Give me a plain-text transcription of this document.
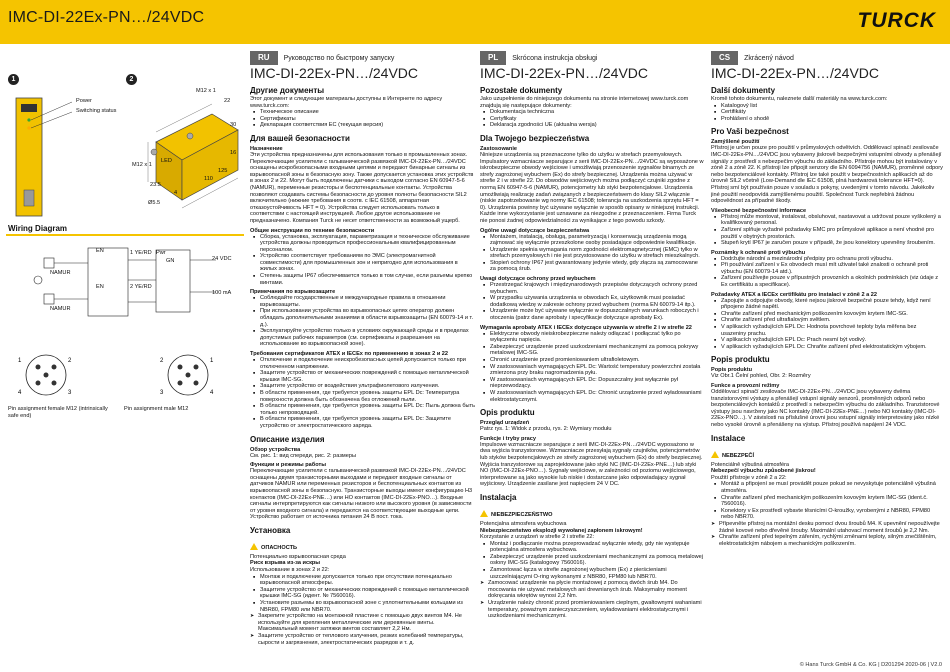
IMC-DI-22Ex-PN…/24VDC	TURCK
1	2
Power
Switching status
LED
M12 x 1
M12 x 1
22
125
110
30
16
4
Ø5.5
23.5
Wiring Diagram
EN
NAMUR
EN
NAMUR
1 YE/RD
2 YE/RD
GN
Pwr
24 VDC
100 mA
1	2
4	3
2	1
3	4
Pin assignment female M12 (intrinsically safe end)
Pin assignment male M12
RU Руководство по быстрому запуску
IMC-DI-22Ex-PN…/24VDC
Другие документы

Этот документ и следующие материалы доступны в Интернете по адресу www.turck.com:

■ Техническое описание
■ Сертификаты
■ Декларация соответствия ЕС (текущая версия)
Для вашей безопасности
Назначение

Эти устройства предназначены для использования только в промышленных зонах. Переключающие усилители с гальванической развязкой IMC-DI-22Ex-PN…/24VDC оснащены искробезопасными входными цепями и передают бинарные сигналы из взрывоопасной зоны в безопасную зону. Также допускается установка этих устройств в зонах 2 и 22. Могут быть подключены датчики с выходом согласно EN 60947-5-6 (NAMUR), переменные резисторы и беспотенциальные контакты. Устройства позволяют создавать системы безопасности до уровня полноты безопасности SIL2 включительно (нижние требования в соотв. с IEC 61508, аппаратная отказоустойчивость HFT = 0). Устройства следует использовать только в соответствии с настоящей инструкцией. Любое другое использование не предназначено. Компания Turck не несет ответственности за возможный ущерб.

Общие инструкции по технике безопасности
■ Сборка, установка, эксплуатация, параметризация и техническое обслуживание устройства должны проводиться профессиональным квалифицированным персоналом.
■ Устройство соответствует требованиям по ЭМС (электромагнитной совместимости) для промышленных зон и непригодно для использования в жилых зонах.
■ Степень защиты IP67 обеспечивается только в том случае, если разъемы крепко винтами.
Примечания по взрывозащите
■ Соблюдайте государственные и международные правила в отношении взрывозащиты.
■ При использовании устройства во взрывоопасных цепях оператор должен обладать дополнительными знаниями в области взрывозащиты (EN 60079-14 и т. д.).
■ Эксплуатируйте устройство только в условиях окружающей среды и в пределах допустимых рабочих параметров (см. сертификаты и разрешения на использование во взрывоопасной зоне).
Требования сертификатов ATEX и IECEx по применению в зонах 2 и 22
■ Отключение и подключение неискробезопасных цепей допускается только при отключенном напряжении.
■ Защитите устройство от механических повреждений с помощью металлической крышки IMC-SG.
■ Защитите устройство от воздействия ультрафиолетового излучения.
■ В области применения, где требуется уровень защиты EPL Dc: Температура поверхности должна быть обозначена без отложений пыли.
■ В области применения, где требуется уровень защиты EPL Dc: Пыль должна быть только непроводящей.
■ В области применения, где требуется уровень защиты EPL Dc: Защитите устройство от электростатического заряда.
Описание изделия
Обзор устройства

См. рис. 1: вид спереди, рис. 2: размеры

Функции и режимы работы

Переключающие усилители с гальванической развязкой IMC-DI-22Ex-PN…/24VDC оснащены двумя транзисторными выходами и передают входные сигналы от датчиков NAMUR или переменных резисторов и беспотенциальных контактов из взрывоопасной зоны в безопасную. Транзисторные выходы имеют конфигурацию H3 контактов (IMC-DI-22Ex-PNE…) или HO контактов (IMC-DI-22Ex-PNO…). Входные сигналы интерпретируются как сигналы низкого или высокого уровня (в зависимости от уровня входного сигнала) и передаются на соответствующие выходные цепи. Устройство работает от источника питания 24 В пост. тока.

Установка
ОПАСНОСТЬ

Потенциально взрывоопасная среда

Риск взрыва из-за искры

Использование в зонах 2 и 22:

■ Монтаж и подключение допускается только при отсутствии потенциально взрывоопасной атмосферы.
■ Защитите устройство от механических повреждений с помощью металлической крышки IMC-SG (идент. № 7560016).
■ Установите разъемы во взрывоопасной зоне с уплотнительными кольцами из NBR80, FPM80 или NBR70.
➤ Закрепите устройство на монтажной пластине с помощью двух винтов M4. Не используйте для крепления металлические или деревянные винты. Максимальный момент затяжки винтов составляет 2,2 Нм.
➤ Защитите устройство от теплового излучения, резких колебаний температуры, сырости и загрязнения, электростатических разрядов и т. д.
PL Skrócona instrukcja obsługi
IMC-DI-22Ex-PN…/24VDC
Pozostałe dokumenty

Jako uzupełnienie do niniejszego dokumentu na stronie internetowej www.turck.com znajdują się następujące dokumenty:

■ Dokumentacja techniczna
■ Certyfikaty
■ Deklaracja zgodności UE (aktualna wersja)
Dla Twojego bezpieczeństwa
Zastosowanie

Niniejsze urządzenia są przeznaczone tylko do użytku w strefach przemysłowych. Impulsatory wzmacniacze separujące z serii IMC-DI-22Ex-PN…/24VDC są wyposażone w iskrobezpieczne obwody wejściowe i umożliwiają przenoszenie sygnałów binarnych ze strefy zagrożonej wybuchem (Ex) do strefy bezpiecznej. Urządzenia można używać w strefie 2 i w strefie 22. Do obwodów wejściowych można podłączyć czujniki zgodne z normą EN 60947-5-6 (NAMUR), potencjometry lub styki bezpotencjałowe. Urządzenia umożliwiają realizację zadań związanych z bezpieczeństwem do klasy SIL2 włącznie (niskie zapotrzebowanie wg normy IEC 61508; tolerancja na uszkodzenia sprzętu HFT = 0). Urządzenia powinny być używane wyłącznie w sposób opisany w niniejszej instrukcji. Każde inne wykorzystanie jest uznawane za niezgodne z przeznaczeniem. Firma Turck nie ponosi żadnej odpowiedzialności za wynikające z tego powodu szkody.

Ogólne uwagi dotyczące bezpieczeństwa
■ Montażem, instalacją, obsługą, parametryzacją i konserwacją urządzenia mogą zajmować się wyłącznie przeszkolone osoby posiadające odpowiednie kwalifikacje.
■ Urządzenie spełnia wymagania norm zgodności elektromagnetycznej (EMC) tylko w strefach przemysłowych i nie jest przystosowane do użytku w strefach mieszkalnych.
■ Stopień ochrony IP67 jest gwarantowany jedynie wtedy, gdy złącza są zamocowane za pomocą śrub.
Uwagi dotyczące ochrony przed wybuchem
■ Przestrzegać krajowych i międzynarodowych przepisów dotyczących ochrony przed wybuchem.
■ W przypadku używania urządzenia w obwodach Ex, użytkownik musi posiadać dodatkową wiedzę w zakresie ochrony przed wybuchem (norma EN 60079-14 itp.).
■ Urządzenie może być używane wyłącznie w dopuszczalnych warunkach roboczych i otoczenia (patrz dane aprobaty i specyfikacje dotyczące aprobaty Ex).
Wymagania aprobaty ATEX i IECEx dotyczące używania w strefie 2 i w strefie 22
■ Elektryczne obwody nieiskrobezpieczne należy odłączać i podłączać tylko po wyłączeniu napięcia.
■ Zabezpieczyć urządzenie przed uszkodzeniami mechanicznymi za pomocą pokrywy metalowej IMC-SG.
■ Chronić urządzenie przed promieniowaniem ultrafioletowym.
■ W zastosowaniach wymagających EPL Dc: Wartość temperatury powierzchni została zmierzona przy braku nagromadzenia pyłu.
■ W zastosowaniach wymagających EPL Dc: Dopuszczalny jest wyłącznie pył nieprzewodzący.
■ W zastosowaniach wymagających EPL Dc: Chronić urządzenie przed wyładowaniami elektrostatycznymi.
Opis produktu
Przegląd urządzeń

Patrz rys. 1: Widok z przodu, rys. 2: Wymiary modułu

Funkcje i tryby pracy

Impulsowe wzmacniacze separujące z serii IMC-DI-22Ex-PN…/24VDC wyposażono w dwa wyjścia tranzystorowe. Wzmacniacze przesyłają sygnały czujników, potencjometrów lub styków bezpotencjałowych ze strefy zagrożonej wybuchem (Ex) do strefy bezpiecznej. Wyjścia tranzystorowe są zaprojektowane jako styki NC (IMC-DI-22Ex-PNE…) lub styki NO (IMC-DI-22Ex-PNO…). Sygnały wejściowe, w zależności od poziomu wejściowego, interpretowane są jako wysokie lub niskie i dostarczane jako odpowiadający sygnał wyjściowy. Urządzenie zasilane jest napięciem 24 V DC.

Instalacja
NIEBEZPIECZEŃSTWO

Potencjalna atmosfera wybuchowa

Niebezpieczeństwo eksplozji wywołanej zapłonem iskrowym!

Korzystanie z urządzeń w strefie 2 i strefie 22:

■ Montaż i podłączanie można przeprowadzać wyłącznie wtedy, gdy nie występuje potencjalna atmosfera wybuchowa.
■ Zabezpieczyć urządzenie przed uszkodzeniami mechanicznymi za pomocą metalowej osłony IMC-SG (katalogowy 7560016).
■ Zamontować łącza w strefie zagrożonej wybuchem (Ex) z pierścieniami uszczelniającymi O-ring wykonanymi z NBR80, FPM80 lub NBR70.
➤ Zamocować urządzenie na płycie montażowej z pomocą dwóch śrub M4. Do mocowania nie używać metalowych ani drewnianych śrub. Maksymalny moment dokręcania wkrętów wynosi 2,2 Nm.
➤ Urządzenie należy chronić przed promieniowaniem cieplnym, gwałtownymi wahaniami temperatury, poważnym zanieczyszczeniem, wyładowaniami elektrostatycznymi i uszkodzeniami mechanicznymi.
CS Zkrácený návod
IMC-DI-22Ex-PN…/24VDC
Další dokumenty

Kromě tohoto dokumentu, naleznete další materiály na www.turck.com:

■ Katalogový list
■ Certifikáty
■ Prohlášení o shodě
Pro Vaši bezpečnost
Zamýšlené použití

Přístroj je určen pouze pro použití v průmyslových odvětvích. Oddělovací spinačí zesilovače IMC-DI-22Ex-PN…/24VDC jsou vybaveny jiskrově bezpečnými vstupními obvody a přenášejí signály z prostředí s nebezpečím výbuchu do základního. Přístroje mohou být instalovány v zóně 2 a zóně 22. K přístroji lze připojit senzory dle EN 6094756 (NAMUR), proměnné odpory nebo bezpotenciálové kontakty. Přístroj lze také použít v bezpečnostních aplikacích až do úrovně SIL2 včetně (Low-Demand dle IEC 61508, plná hardwarová tolerance HFT=0). Přístroj smí být používán pouze v souladu s pokyny, uvedenými v tomto návodu. Jakékoliv jiné použití neodpovídá zamýšlenému použití. Společnost Turck nepřebírá žádnou odpovědnost za případné škody.

Všeobecné bezpečnostní informace
■ Přístroj může montovat, instalovat, obsluhovat, nastavovat a udržovat pouze vyškolený a kvalifikovaný personal.
■ Zařízení splňuje vyžadné požadavky EMC pro průmyslové aplikace a není vhodné pro použití v obytných prostorách.
■ Stupeň krytí IP67 je zaručen pouze v případě, že jsou konektory upevněny šroubením.
Poznámky k ochraně proti výbuchu
■ Dodržujte národní a mezinárodní předpisy pro ochranu proti výbuchu.
■ Při používání zařízení v Ex obvodech musí mít uživatel také znalosti o ochraně proti výbuchu (EN 60079-14 atd.).
■ Zařízení používejte pouze v přípustných provozních a okolních podmínkách (viz údaje z Ex certifikátu a specifikace).
Požadavky ATEX a IECEx certifikátu pro instalaci v zóně 2 a 22
■ Zapojujte a odpojujte obvody, které nejsou jiskrově bezpečné pouze tehdy, když není připojeno žádné napětí.
■ Chraňte zařízení před mechanickým poškozením kovovým krytem IMC-SG.
■ Chraňte zařízení před ultrafialovým světlem.
■ V aplikacích vyžadujících EPL Dc: Hodnota povrchové teploty byla měřena bez usazeniny prachu.
■ V aplikacích vyžadujících EPL Dc: Prach nesmí být vodivý.
■ V aplikacích vyžadujících EPL Dc: Chraňte zařízení před elektrostatickým výbojem.
Popis produktu
Popis produktu

Viz Obr.1 Čelní pohled, Obr. 2: Rozměry

Funkce a provozní režimy

Oddělovací spinačí zesilovače IMC-DI-22Ex-PN…/24VDC jsou vybaveny dvěma tranzistorovými výstupy a přenášejí vstupní signály senzorů, proměnných odporů nebo bezpotenciálových kontaktů z prostředí s nebezpečím výbuchu do základního. Tranzistorové výstupy jsou navrženy jako NC kontakty (IMC-DI-22Ex-PNE…) nebo NO kontakty (IMC-DI-22Ex-PNO…). V závislosti na příslušné úrovni jsou vstupní signály interpretovány jako nízké nebo vysoké úrovně a přenášeny na výstup. Přístroj používá napájení 24 VDC.

Instalace
NEBEZPEČÍ

Potenciálně výbušná atmosféra

Nebezpečí výbuchu způsobené jiskrou!

Použití přístroje v zóně 2 a 22:

■ Montáž a připojení se musí provádět pouze pokud se nevyskytuje potenciálně výbušná atmosféra.
■ Chraňte zařízení před mechanickým poškozením kovovým krytem IMC-SG (ident.č. 7560016).
■ Konektory v Ex prostředí vybavte těsnicími O-kroužky, vyrobenými z NBR80, FPM80 nebo NBR70.
➤ Přípevněte přístroj na montážní desku pomocí dvou šroubů M4. K upevnění nepoužívejte žádné kovové nebo dřevěné šrouby. Maximální utahovací moment šroubů je 2,2 Nm.
➤ Chraňte zařízení před tepelným zářením, rychlými změnami teploty, silným znečištěním, elektrostatickým nábojem a mechanickým poškozením.
© Hans Turck GmbH & Co. KG | D201294 2020-06 | V2.0
